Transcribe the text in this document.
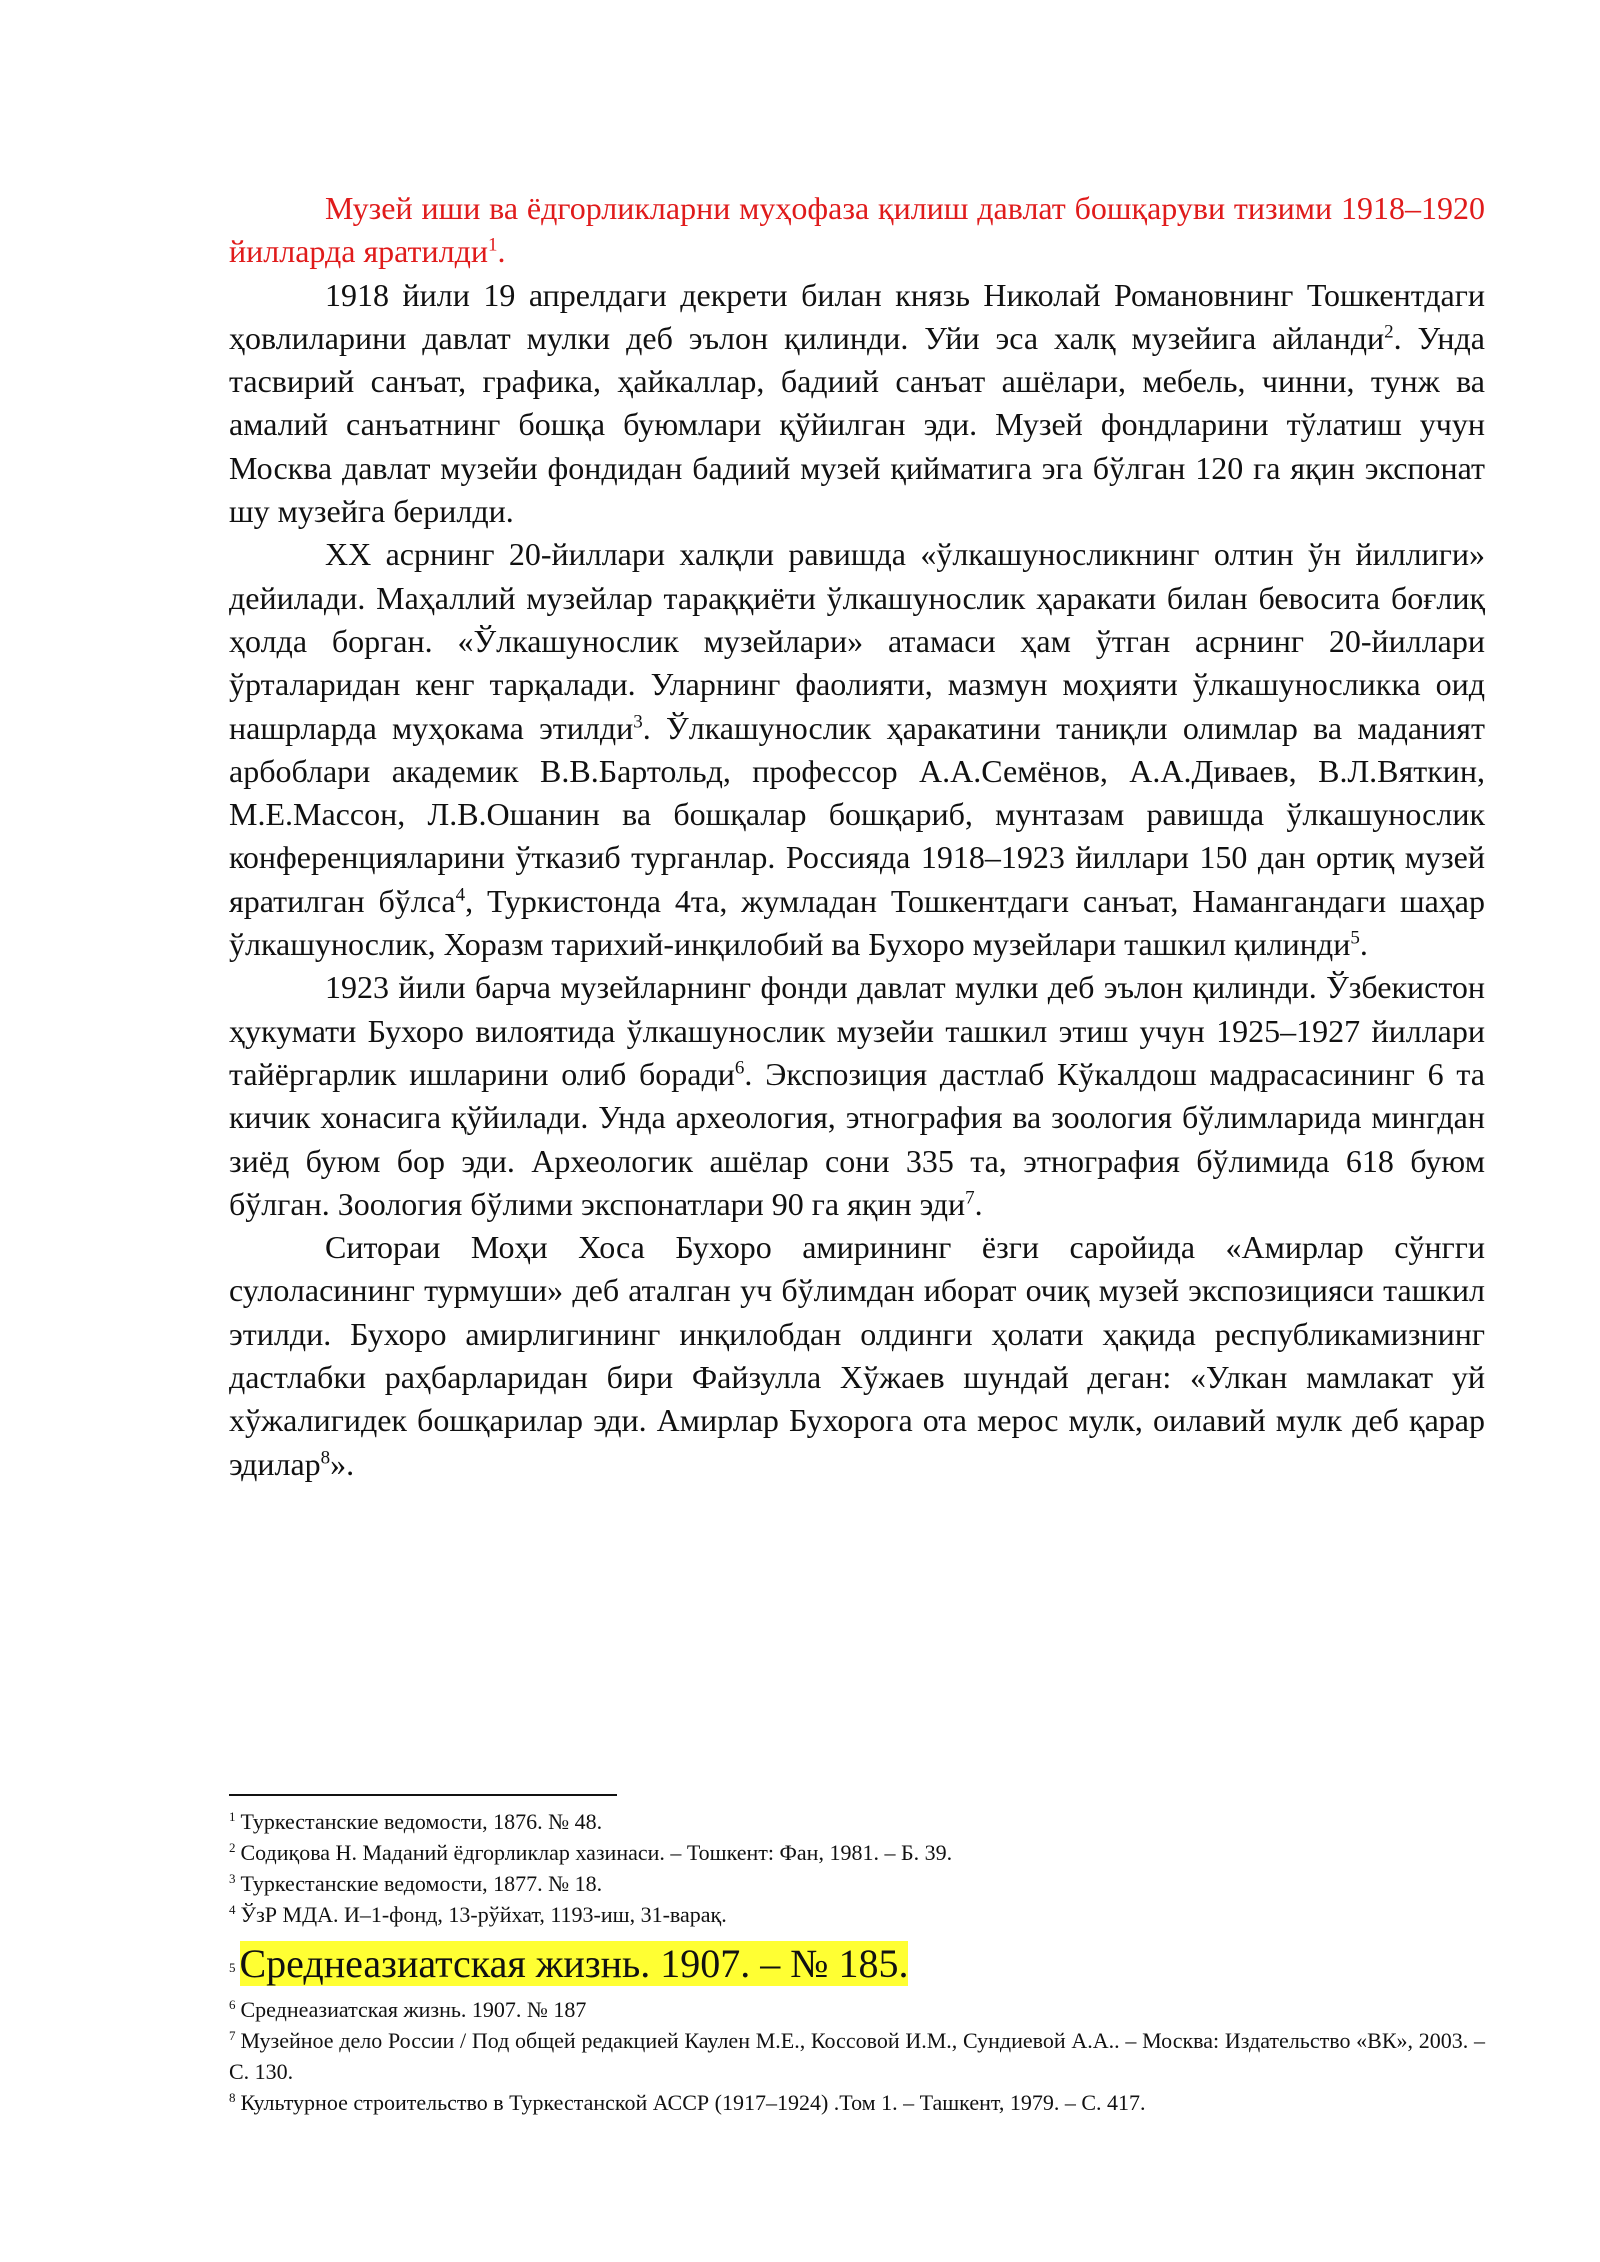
Музей иши ва ёдгорликларни муҳофаза қилиш давлат бошқаруви тизими 1918–1920 йилларда яратилди$^1$.

1918 йили 19 апрелдаги декрети билан князь Николай Романовнинг Тошкентдаги ҳовлиларини давлат мулки деб эълон қилинди. Уйи эса халқ музейига айланди$^2$. Унда тасвирий санъат, графика, ҳайкаллар, бадиий санъат ашёлари, мебель, чинни, тунж ва амалий санъатнинг бошқа буюмлари қўйилган эди. Музей фондларини тўлатиш учун Москва давлат музейи фондидан бадиий музей қийматига эга бўлган 120 га яқин экспонат шу музейга берилди.

XX асрнинг 20-йиллари халқли равишда «ўлкашуносликнинг олтин ўн йиллиги» дейилади. Маҳаллий музейлар тараққиёти ўлкашунослик ҳаракати билан бевосита боғлиқ ҳолда борган. «Ўлкашунослик музейлари» атамаси ҳам ўтган асрнинг 20-йиллари ўрталаридан кенг тарқалади. Уларнинг фаолияти, мазмун моҳияти ўлкашуносликка оид нашрларда муҳокама этилди$^3$. Ўлкашунослик ҳаракатини таниқли олимлар ва маданият арбоблари академик В.В.Бартольд, профессор А.А.Семёнов, А.А.Диваев, В.Л.Вяткин, М.Е.Массон, Л.В.Ошанин ва бошқалар бошқариб, мунтазам равишда ўлкашунослик конференцияларини ўтказиб турганлар. Россияда 1918–1923 йиллари 150 дан ортиқ музей яратилган бўлса$^4$, Туркистонда 4та, жумладан Тошкентдаги санъат, Намангандаги шаҳар ўлкашунослик, Хоразм тарихий-инқилобий ва Бухоро музейлари ташкил қилинди$^5$.

1923 йили барча музейларнинг фонди давлат мулки деб эълон қилинди. Ўзбекистон ҳукумати Бухоро вилоятида ўлкашунослик музейи ташкил этиш учун 1925–1927 йиллари тайёргарлик ишларини олиб боради$^6$. Экспозиция дастлаб Кўкалдош мадрасасининг 6 та кичик хонасига қўйилади. Унда археология, этнография ва зоология бўлимларида мингдан зиёд буюм бор эди. Археологик ашёлар сони 335 та, этнография бўлимида 618 буюм бўлган. Зоология бўлими экспонатлари 90 га яқин эди$^7$.

Ситораи Моҳи Хоса Бухоро амирининг ёзги саройида «Амирлар сўнгги сулоласининг турмуши» деб аталган уч бўлимдан иборат очиқ музей экспозицияси ташкил этилди. Бухоро амирлигининг инқилобдан олдинги ҳолати ҳақида республикамизнинг дастлабки раҳбарларидан бири Файзулла Хўжаев шундай деган: «Улкан мамлакат уй хўжалигидек бошқарилар эди. Амирлар Бухорога ота мерос мулк, оилавий мулк деб қарар эдилар$^8$».

$^1$ Туркестанские ведомости, 1876. № 48.

$^2$ Содиқова Н. Маданий ёдгорликлар хазинаси. – Тошкент: Фан, 1981. – Б. 39.

$^3$ Туркестанские ведомости, 1877. № 18.

$^4$ ЎзР МДА. И–1-фонд, 13-рўйхат, 1193-иш, 31-варақ.

5 Среднеазиатская жизнь. 1907. – № 185.

$^6$ Среднеазиатская жизнь. 1907. № 187

$^7$ Музейное дело России / Под общей редакцией Каулен М.Е., Коссовой И.М., Сундиевой А.А.. – Москва: Издательство «ВК», 2003. – С. 130.

$^8$ Культурное строительство в Туркестанской АССР (1917–1924) .Том 1. – Ташкент, 1979. – С. 417.
